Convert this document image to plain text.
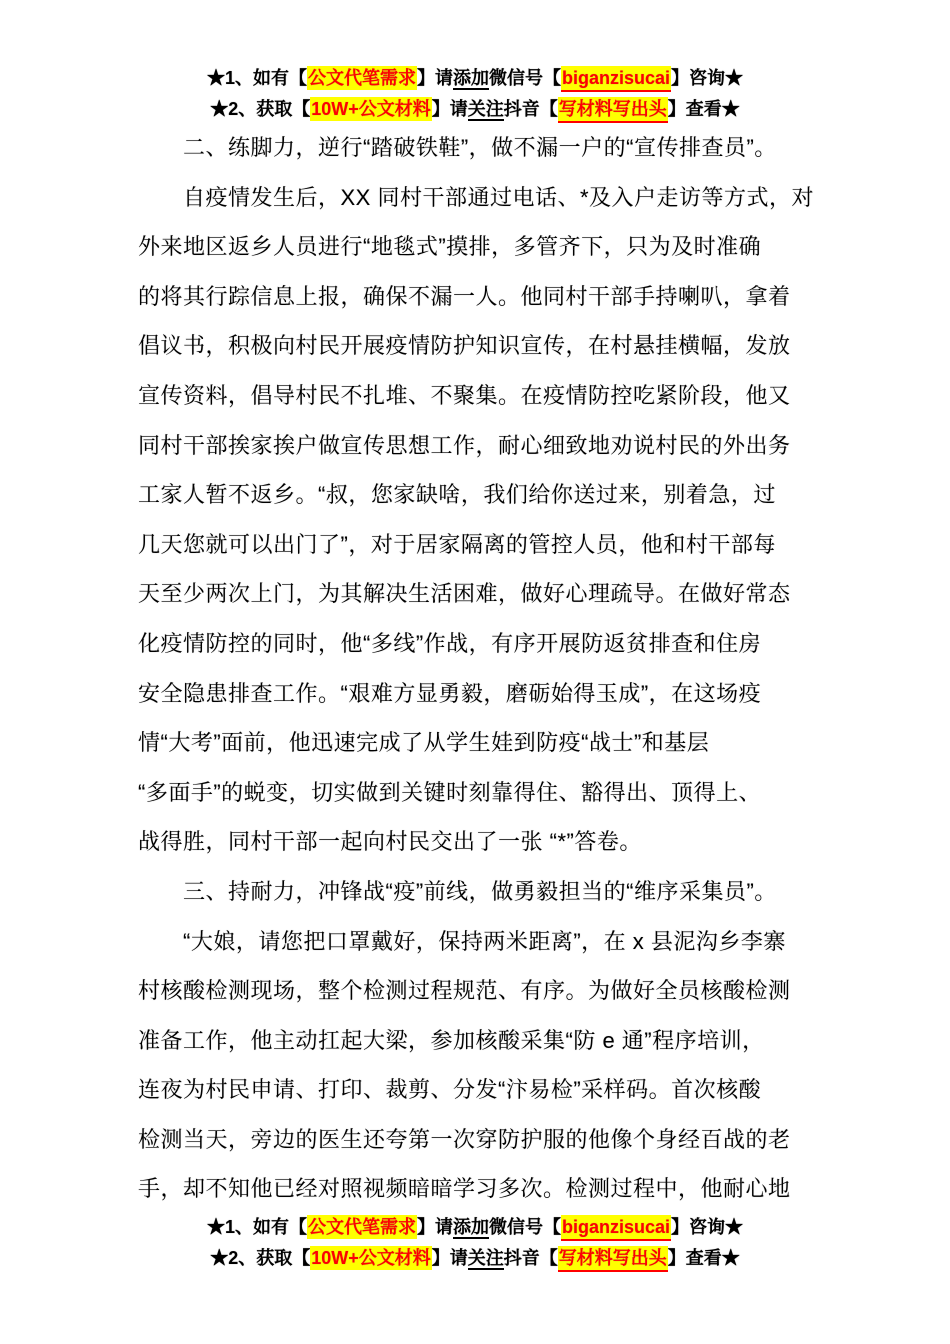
★1、如有【公文代笔需求】请添加微信号【biganzisucai】咨询★
★2、获取【10W+公文材料】请关注抖音【写材料写出头】查看★
二、练脚力，逆行“踏破铁鞋”，做不漏一户的“宣传排查员”。
自疫情发生后，XX 同村干部通过电话、*及入户走访等方式，对
外来地区返乡人员进行“地毯式”摸排，多管齐下，只为及时准确
的将其行踪信息上报，确保不漏一人。他同村干部手持喇叭，拿着
倡议书，积极向村民开展疫情防护知识宣传，在村悬挂横幅，发放
宣传资料，倡导村民不扎堆、不聚集。在疫情防控吃紧阶段，他又
同村干部挨家挨户做宣传思想工作，耐心细致地劝说村民的外出务
工家人暂不返乡。“叔，您家缺啥，我们给你送过来，别着急，过
几天您就可以出门了”，对于居家隔离的管控人员，他和村干部每
天至少两次上门，为其解决生活困难，做好心理疏导。在做好常态
化疫情防控的同时，他“多线”作战，有序开展防返贫排查和住房
安全隐患排查工作。“艰难方显勇毅，磨砺始得玉成”，在这场疫
情“大考”面前，他迅速完成了从学生娃到防疫“战士”和基层
“多面手”的蜕变，切实做到关键时刻靠得住、豁得出、顶得上、
战得胜，同村干部一起向村民交出了一张 “*”答卷。
三、持耐力，冲锋战“疫”前线，做勇毅担当的“维序采集员”。
“大娘，请您把口罩戴好，保持两米距离”，在 x 县泥沟乡李寨
村核酸检测现场，整个检测过程规范、有序。为做好全员核酸检测
准备工作，他主动扛起大梁，参加核酸采集“防 e 通”程序培训，
连夜为村民申请、打印、裁剪、分发“汴易检”采样码。首次核酸
检测当天，旁边的医生还夸第一次穿防护服的他像个身经百战的老
手，却不知他已经对照视频暗暗学习多次。检测过程中，他耐心地
★1、如有【公文代笔需求】请添加微信号【biganzisucai】咨询★
★2、获取【10W+公文材料】请关注抖音【写材料写出头】查看★
